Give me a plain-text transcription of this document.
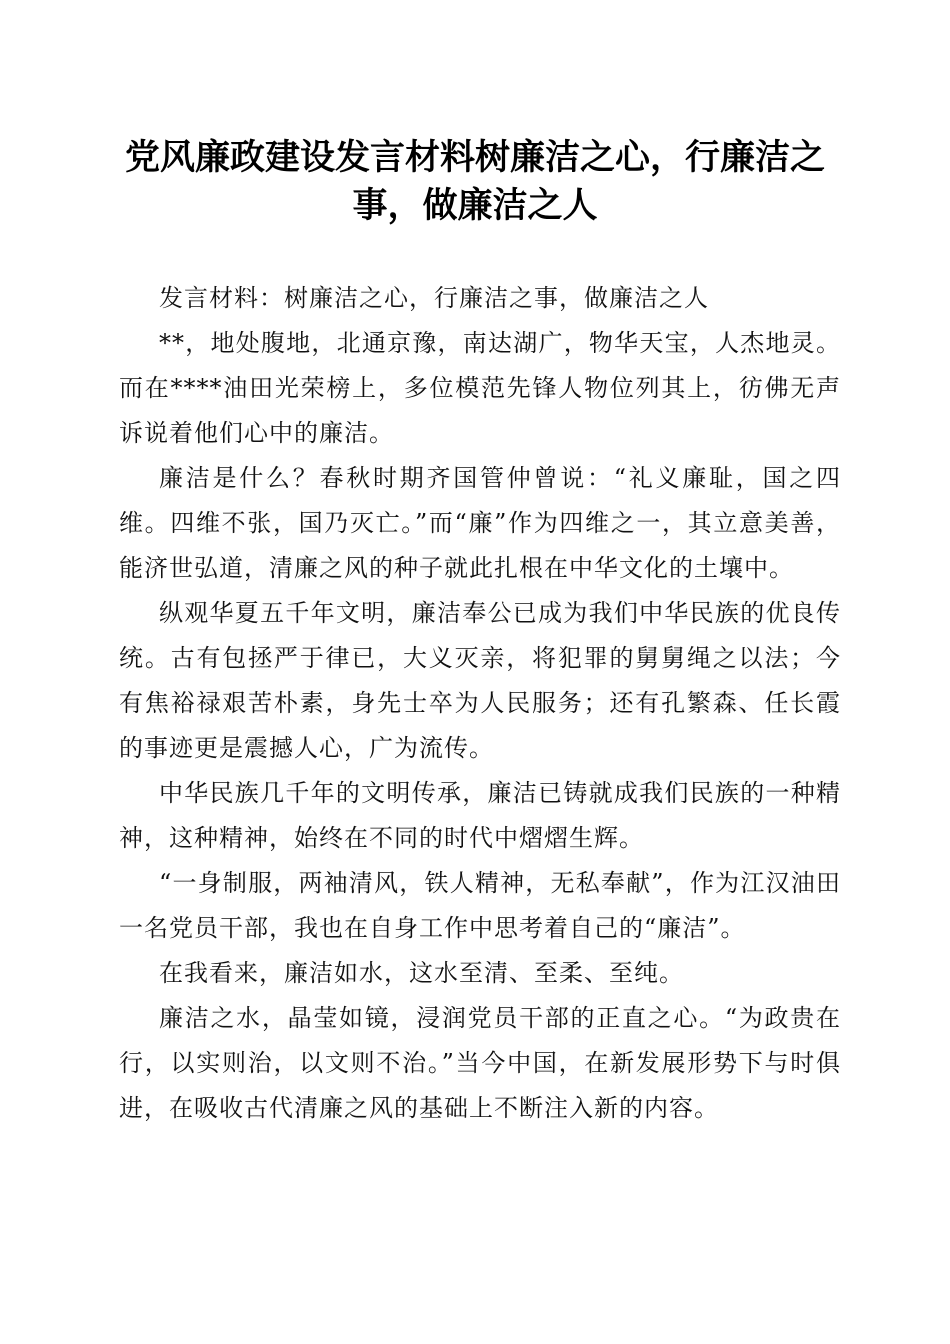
党风廉政建设发言材料树廉洁之心，行廉洁之事，做廉洁之人

发言材料：树廉洁之心，行廉洁之事，做廉洁之人

**，地处腹地，北通京豫，南达湖广，物华天宝，人杰地灵。而在****油田光荣榜上，多位模范先锋人物位列其上，彷佛无声诉说着他们心中的廉洁。

廉洁是什么？春秋时期齐国管仲曾说：“礼义廉耻，国之四维。四维不张，国乃灭亡。”而“廉”作为四维之一，其立意美善，能济世弘道，清廉之风的种子就此扎根在中华文化的土壤中。

纵观华夏五千年文明，廉洁奉公已成为我们中华民族的优良传统。古有包拯严于律已，大义灭亲，将犯罪的舅舅绳之以法；今有焦裕禄艰苦朴素，身先士卒为人民服务；还有孔繁森、任长霞的事迹更是震撼人心，广为流传。

中华民族几千年的文明传承，廉洁已铸就成我们民族的一种精神，这种精神，始终在不同的时代中熠熠生辉。

“一身制服，两袖清风，铁人精神，无私奉献”，作为江汉油田一名党员干部，我也在自身工作中思考着自己的“廉洁”。

在我看来，廉洁如水，这水至清、至柔、至纯。

廉洁之水，晶莹如镜，浸润党员干部的正直之心。“为政贵在行，以实则治，以文则不治。”当今中国，在新发展形势下与时俱进，在吸收古代清廉之风的基础上不断注入新的内容。
